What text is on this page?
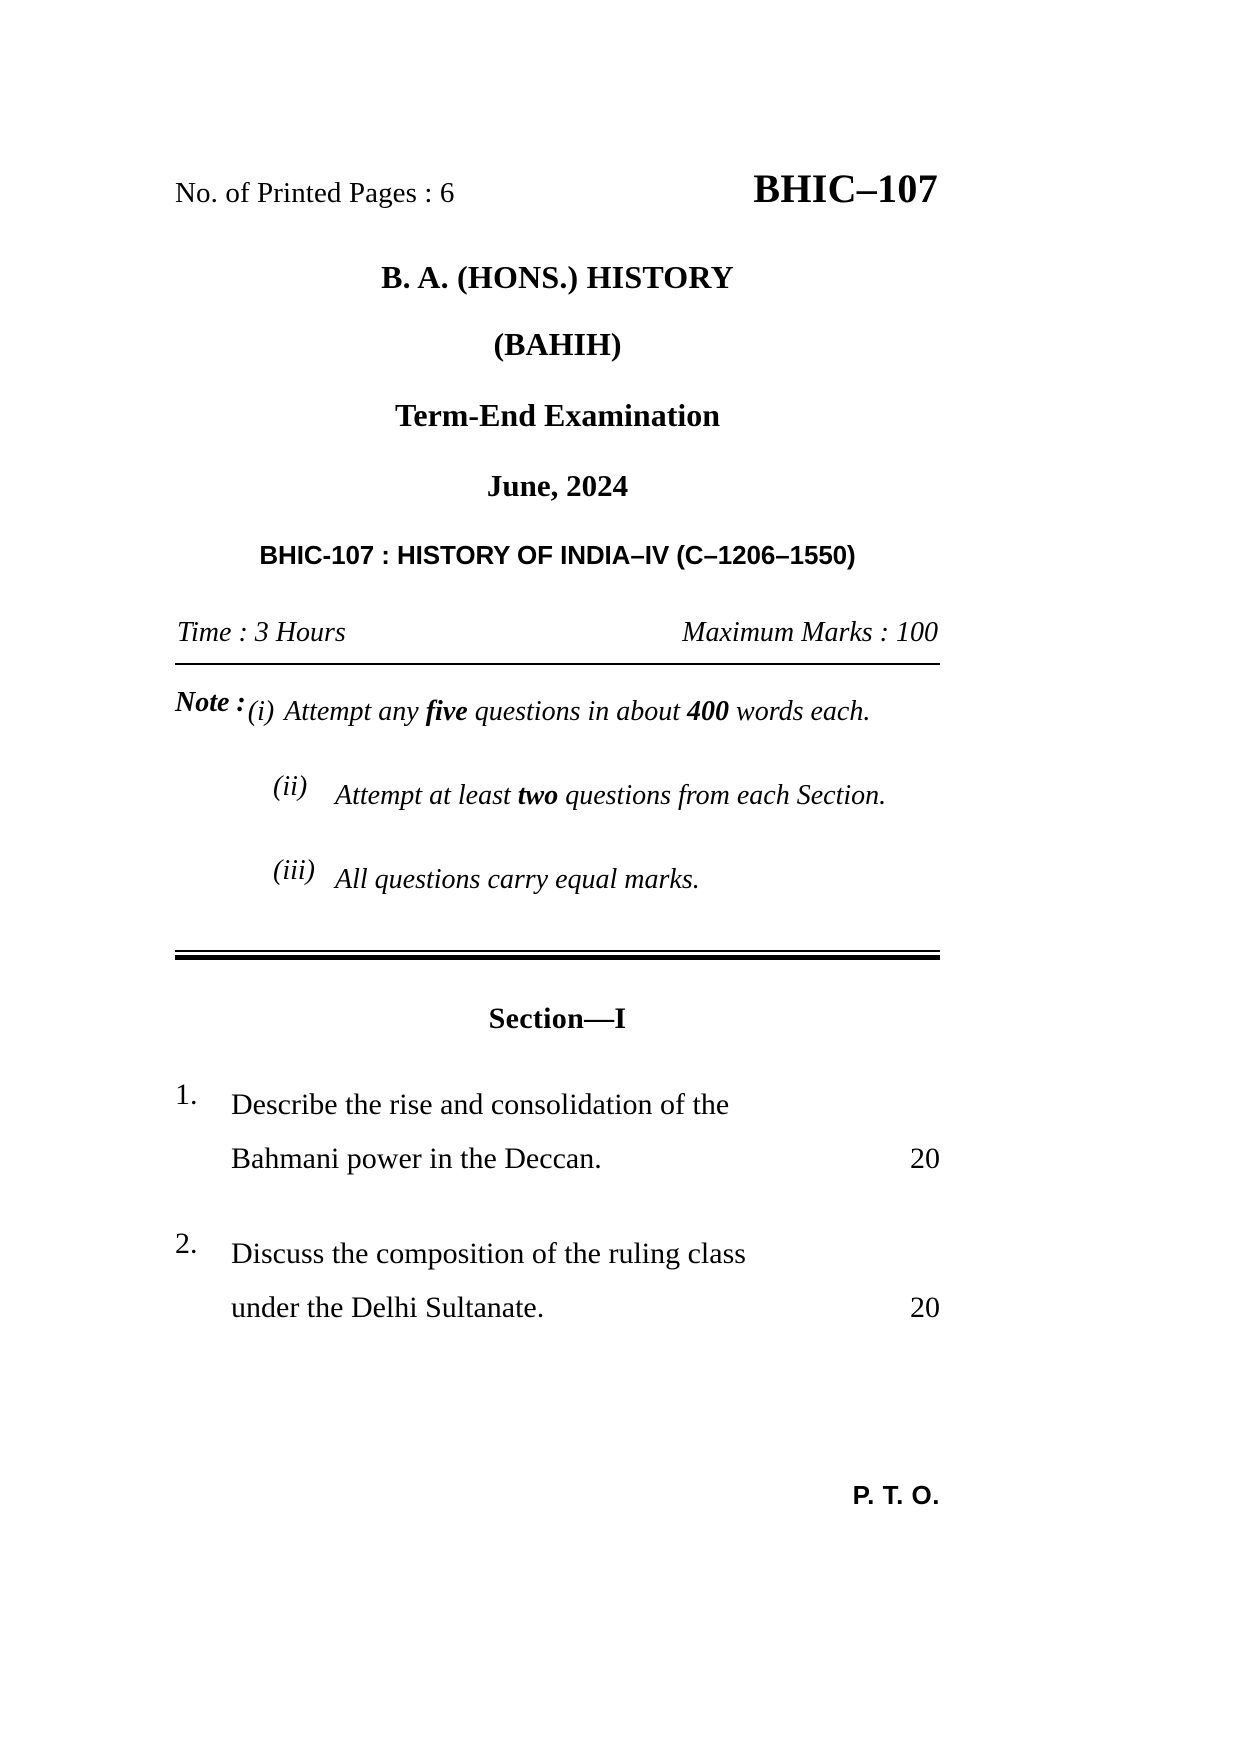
No. of Printed Pages : 6	BHIC–107
B. A. (HONS.) HISTORY
(BAHIH)
Term-End Examination
June, 2024
BHIC-107 : HISTORY OF INDIA–IV (C–1206–1550)
Time : 3 Hours	Maximum Marks : 100
Note : (i) Attempt any five questions in about 400 words each.
(ii) Attempt at least two questions from each Section.
(iii) All questions carry equal marks.
Section—I
1.	Describe the rise and consolidation of the
Bahmani power in the Deccan.	20
2.	Discuss the composition of the ruling class
under the Delhi Sultanate.	20
P. T. O.
